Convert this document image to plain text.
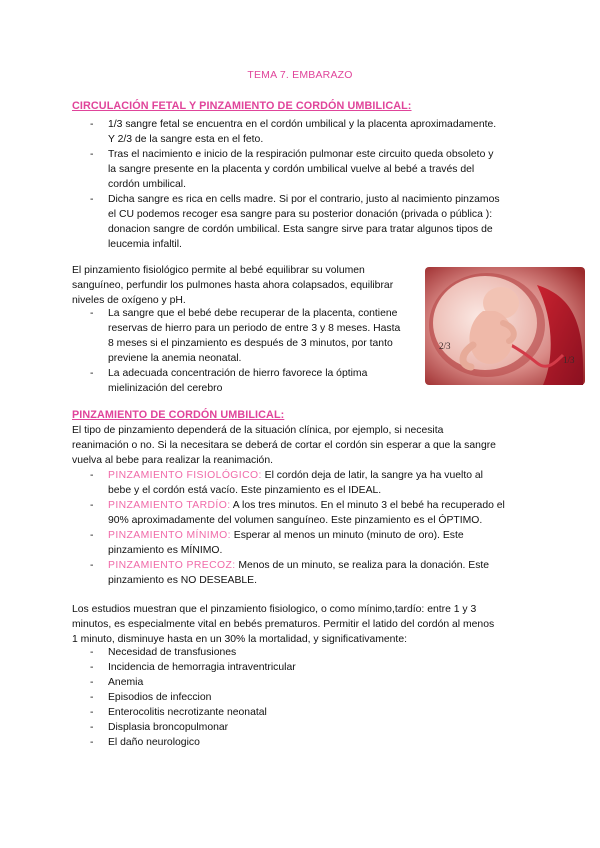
TEMA 7. EMBARAZO
CIRCULACIÓN FETAL Y PINZAMIENTO DE CORDÓN UMBILICAL:
- 1/3 sangre fetal se encuentra en el cordón umbilical y la placenta aproximadamente.
Y 2/3 de la sangre esta en el feto.
- Tras el nacimiento e inicio de la respiración pulmonar este circuito queda obsoleto y
la sangre presente en la placenta y cordón umbilical vuelve al bebé a través del
cordón umbilical.
- Dicha sangre es rica en cells madre. Si por el contrario, justo al nacimiento pinzamos
el CU podemos recoger esa sangre para su posterior donación (privada o pública ):
donacion sangre de cordón umbilical. Esta sangre sirve para tratar algunos tipos de
leucemia infaltil.
El pinzamiento fisiológico permite al bebé equilibrar su volumen
sanguíneo, perfundir los pulmones hasta ahora colapsados, equilibrar
niveles de oxígeno y pH.
- La sangre que el bebé debe recuperar de la placenta, contiene
reservas de hierro para un periodo de entre 3 y 8 meses. Hasta
8 meses si el pinzamiento es después de 3 minutos, por tanto
previene la anemia neonatal.
- La adecuada concentración de hierro favorece la óptima
mielinización del cerebro
2/3
1/3
PINZAMIENTO DE CORDÓN UMBILICAL:
El tipo de pinzamiento dependerá de la situación clínica, por ejemplo, si necesita
reanimación o no. Si la necesitara se deberá de cortar el cordón sin esperar a que la sangre
vuelva al bebe para realizar la reanimación.
- PINZAMIENTO FISIOLÓGICO: El cordón deja de latir, la sangre ya ha vuelto al
bebe y el cordón está vacío. Este pinzamiento es el IDEAL.
- PINZAMIENTO TARDÍO: A los tres minutos. En el minuto 3 el bebé ha recuperado el
90% aproximadamente del volumen sanguíneo. Este pinzamiento es el ÓPTIMO.
- PINZAMIENTO MÍNIMO: Esperar al menos un minuto (minuto de oro). Este
pinzamiento es MÍNIMO.
- PINZAMIENTO PRECOZ: Menos de un minuto, se realiza para la donación. Este
pinzamiento es NO DESEABLE.
Los estudios muestran que el pinzamiento fisiologico, o como mínimo,tardío: entre 1 y 3
minutos, es especialmente vital en bebés prematuros. Permitir el latido del cordón al menos
1 minuto, disminuye hasta en un 30% la mortalidad, y significativamente:
- Necesidad de transfusiones
- Incidencia de hemorragia intraventricular
- Anemia
- Episodios de infeccion
- Enterocolitis necrotizante neonatal
- Displasia broncopulmonar
- El daño neurologico
